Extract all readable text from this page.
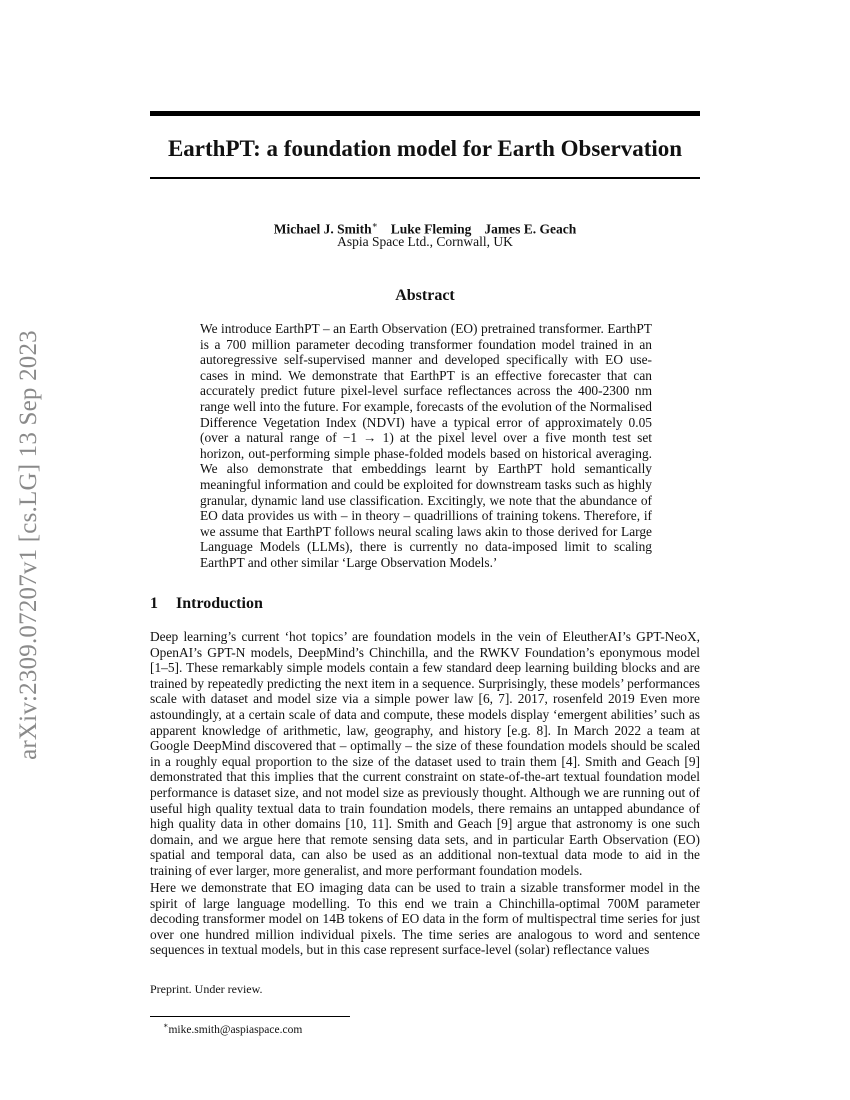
arXiv:2309.07207v1 [cs.LG] 13 Sep 2023
EarthPT: a foundation model for Earth Observation
Michael J. Smith∗ Luke Fleming James E. Geach
Aspia Space Ltd., Cornwall, UK
Abstract

We introduce EarthPT – an Earth Observation (EO) pretrained transformer. EarthPT is a 700 million parameter decoding transformer foundation model trained in an autoregressive self-supervised manner and developed specifically with EO use-cases in mind. We demonstrate that EarthPT is an effective forecaster that can accurately predict future pixel-level surface reflectances across the 400-2300 nm range well into the future. For example, forecasts of the evolution of the Normalised Difference Vegetation Index (NDVI) have a typical error of approximately 0.05 (over a natural range of −1 → 1) at the pixel level over a five month test set horizon, out-performing simple phase-folded models based on historical averaging. We also demonstrate that embeddings learnt by EarthPT hold semantically meaningful information and could be exploited for downstream tasks such as highly granular, dynamic land use classification. Excitingly, we note that the abundance of EO data provides us with – in theory – quadrillions of training tokens. Therefore, if we assume that EarthPT follows neural scaling laws akin to those derived for Large Language Models (LLMs), there is currently no data-imposed limit to scaling EarthPT and other similar ‘Large Observation Models.’

1 Introduction

Deep learning’s current ‘hot topics’ are foundation models in the vein of EleutherAI’s GPT-NeoX, OpenAI’s GPT-N models, DeepMind’s Chinchilla, and the RWKV Foundation’s eponymous model [1–5]. These remarkably simple models contain a few standard deep learning building blocks and are trained by repeatedly predicting the next item in a sequence. Surprisingly, these models’ performances scale with dataset and model size via a simple power law [6, 7]. 2017, rosenfeld 2019 Even more astoundingly, at a certain scale of data and compute, these models display ‘emergent abilities’ such as apparent knowledge of arithmetic, law, geography, and history [e.g. 8]. In March 2022 a team at Google DeepMind discovered that – optimally – the size of these foundation models should be scaled in a roughly equal proportion to the size of the dataset used to train them [4]. Smith and Geach [9] demonstrated that this implies that the current constraint on state-of-the-art textual foundation model performance is dataset size, and not model size as previously thought. Although we are running out of useful high quality textual data to train foundation models, there remains an untapped abundance of high quality data in other domains [10, 11]. Smith and Geach [9] argue that astronomy is one such domain, and we argue here that remote sensing data sets, and in particular Earth Observation (EO) spatial and temporal data, can also be used as an additional non-textual data mode to aid in the training of ever larger, more generalist, and more performant foundation models.

Here we demonstrate that EO imaging data can be used to train a sizable transformer model in the spirit of large language modelling. To this end we train a Chinchilla-optimal 700M parameter decoding transformer model on 14B tokens of EO data in the form of multispectral time series for just over one hundred million individual pixels. The time series are analogous to word and sentence sequences in textual models, but in this case represent surface-level (solar) reflectance values

Preprint. Under review.
∗mike.smith@aspiaspace.com
